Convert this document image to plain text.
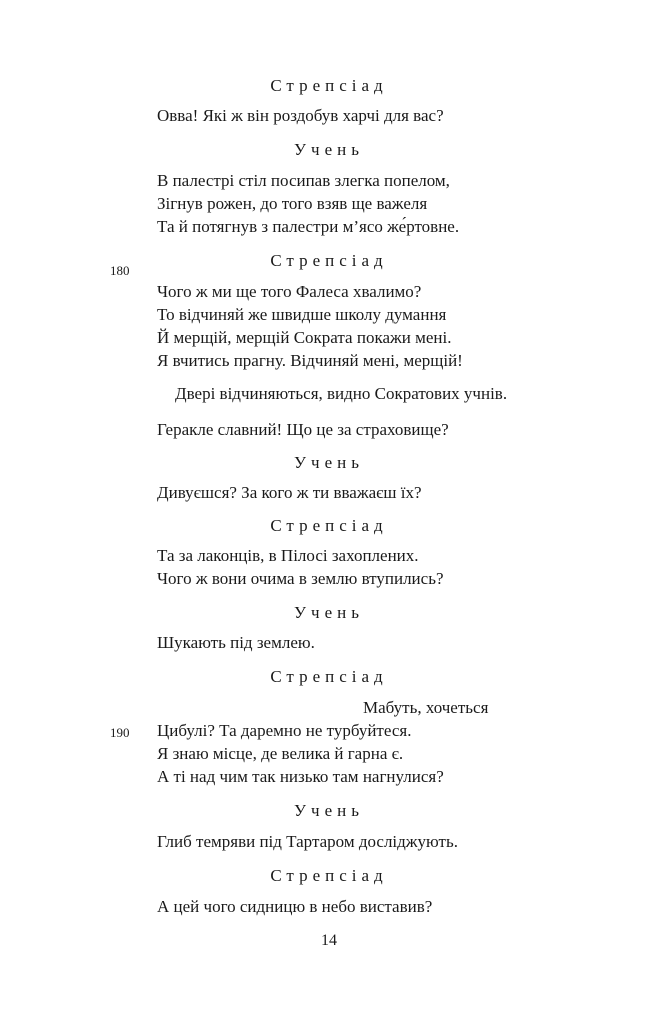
Стрепсіад
Овва! Які ж він роздобув харчі для вас?
Учень
В палестрі стіл посипав злегка попелом,
Зігнув рожен, до того взяв ще важеля
Та й потягнув з палестри м’ясо же́ртовне.
180
Стрепсіад
Чого ж ми ще того Фалеса хвалимо?
То відчиняй же швидше школу думання
Й мерщій, мерщій Сократа покажи мені.
Я вчитись прагну. Відчиняй мені, мерщій!
Двері відчиняються, видно Сократових учнів.
Геракле славний! Що це за страховище?
Учень
Дивуєшся? За кого ж ти вважаєш їх?
Стрепсіад
Та за лаконців, в Пілосі захоплених.
Чого ж вони очима в землю втупились?
Учень
Шукають під землею.
Стрепсіад
Мабуть, хочеться
190 Цибулі? Та даремно не турбуйтеся.
Я знаю місце, де велика й гарна є.
А ті над чим так низько там нагнулися?
Учень
Глиб темряви під Тартаром досліджують.
Стрепсіад
А цей чого сидницю в небо виставив?
14
